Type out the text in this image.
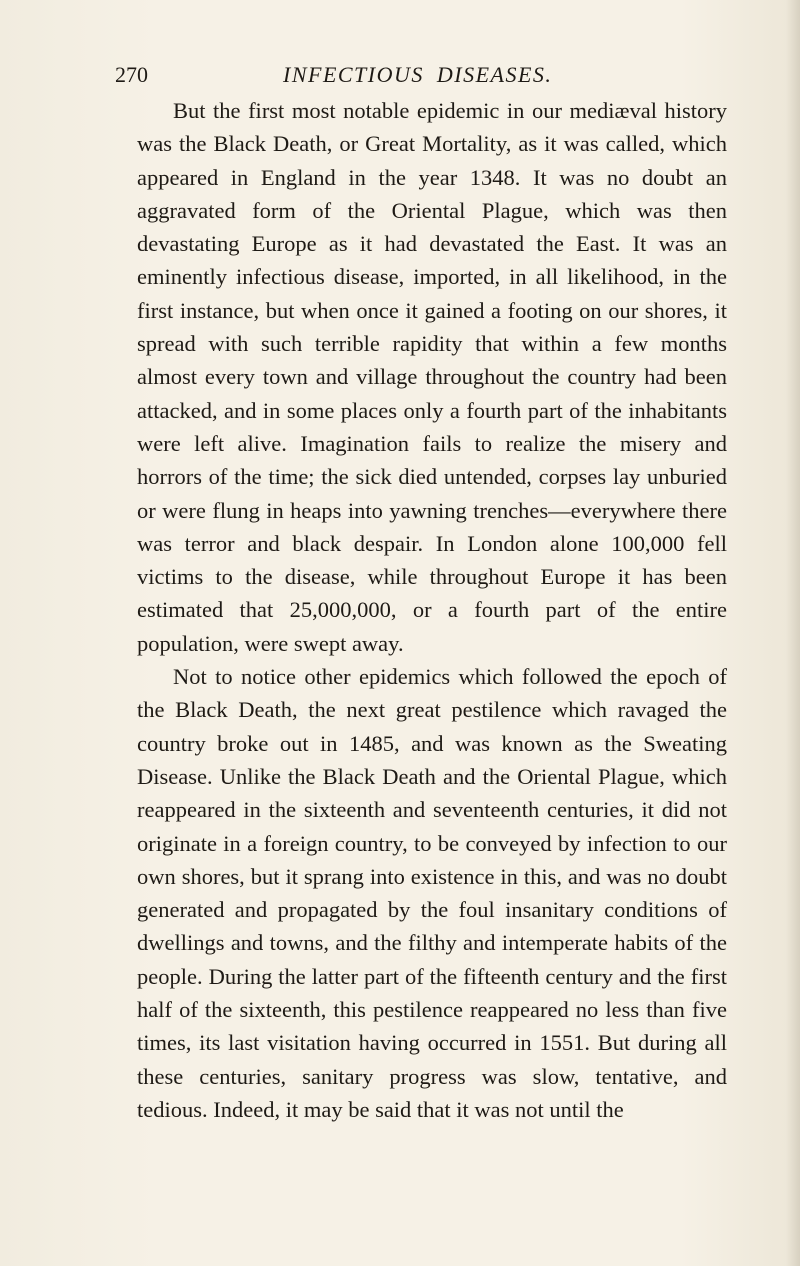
270	INFECTIOUS DISEASES.

But the first most notable epidemic in our mediæval history was the Black Death, or Great Mortality, as it was called, which appeared in England in the year 1348. It was no doubt an aggravated form of the Oriental Plague, which was then devastating Europe as it had devastated the East. It was an eminently infectious disease, imported, in all likelihood, in the first instance, but when once it gained a footing on our shores, it spread with such terrible rapidity that within a few months almost every town and village throughout the country had been attacked, and in some places only a fourth part of the inhabitants were left alive. Imagination fails to realize the misery and horrors of the time; the sick died untended, corpses lay unburied or were flung in heaps into yawning trenches—everywhere there was terror and black despair. In London alone 100,000 fell victims to the disease, while throughout Europe it has been estimated that 25,000,000, or a fourth part of the entire population, were swept away.

Not to notice other epidemics which followed the epoch of the Black Death, the next great pestilence which ravaged the country broke out in 1485, and was known as the Sweating Disease. Unlike the Black Death and the Oriental Plague, which reappeared in the sixteenth and seventeenth centuries, it did not originate in a foreign country, to be conveyed by infection to our own shores, but it sprang into existence in this, and was no doubt generated and propagated by the foul insanitary conditions of dwellings and towns, and the filthy and intemperate habits of the people. During the latter part of the fifteenth century and the first half of the sixteenth, this pestilence reappeared no less than five times, its last visitation having occurred in 1551. But during all these centuries, sanitary progress was slow, tentative, and tedious. Indeed, it may be said that it was not until the
